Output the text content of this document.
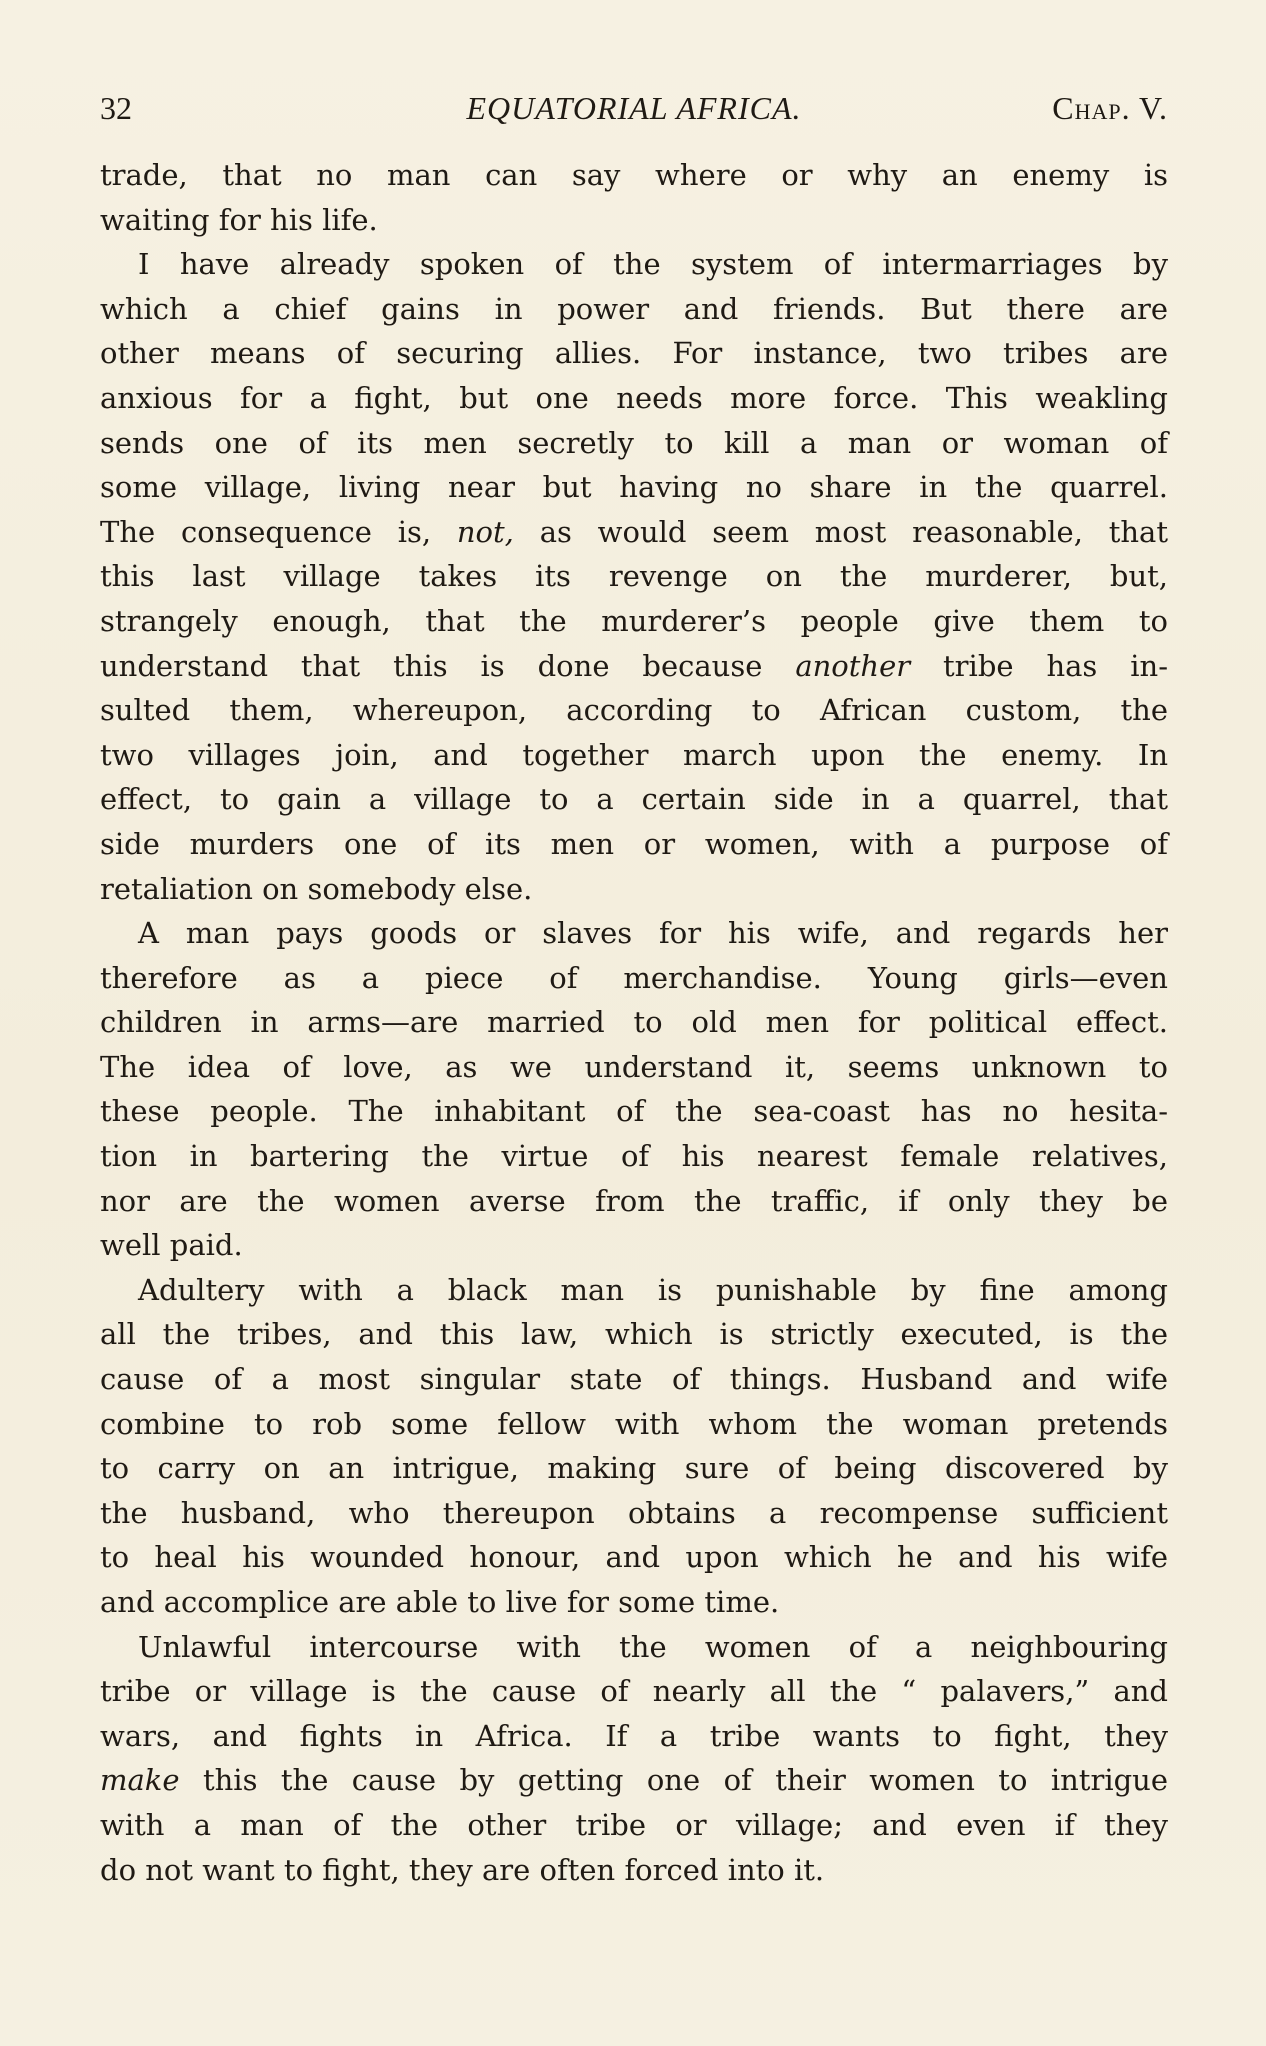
32	EQUATORIAL AFRICA.	Chap. V.
trade, that no man can say where or why an enemy is
waiting for his life.
I have already spoken of the system of intermarriages by
which a chief gains in power and friends. But there are
other means of securing allies. For instance, two tribes are
anxious for a fight, but one needs more force. This weakling
sends one of its men secretly to kill a man or woman of
some village, living near but having no share in the quarrel.
The consequence is, not, as would seem most reasonable, that
this last village takes its revenge on the murderer, but,
strangely enough, that the murderer’s people give them to
understand that this is done because another tribe has in-
sulted them, whereupon, according to African custom, the
two villages join, and together march upon the enemy. In
effect, to gain a village to a certain side in a quarrel, that
side murders one of its men or women, with a purpose of
retaliation on somebody else.
A man pays goods or slaves for his wife, and regards her
therefore as a piece of merchandise. Young girls—even
children in arms—are married to old men for political effect.
The idea of love, as we understand it, seems unknown to
these people. The inhabitant of the sea-coast has no hesita-
tion in bartering the virtue of his nearest female relatives,
nor are the women averse from the traffic, if only they be
well paid.
Adultery with a black man is punishable by fine among
all the tribes, and this law, which is strictly executed, is the
cause of a most singular state of things. Husband and wife
combine to rob some fellow with whom the woman pretends
to carry on an intrigue, making sure of being discovered by
the husband, who thereupon obtains a recompense sufficient
to heal his wounded honour, and upon which he and his wife
and accomplice are able to live for some time.
Unlawful intercourse with the women of a neighbouring
tribe or village is the cause of nearly all the “ palavers,” and
wars, and fights in Africa. If a tribe wants to fight, they
make this the cause by getting one of their women to intrigue
with a man of the other tribe or village; and even if they
do not want to fight, they are often forced into it.
